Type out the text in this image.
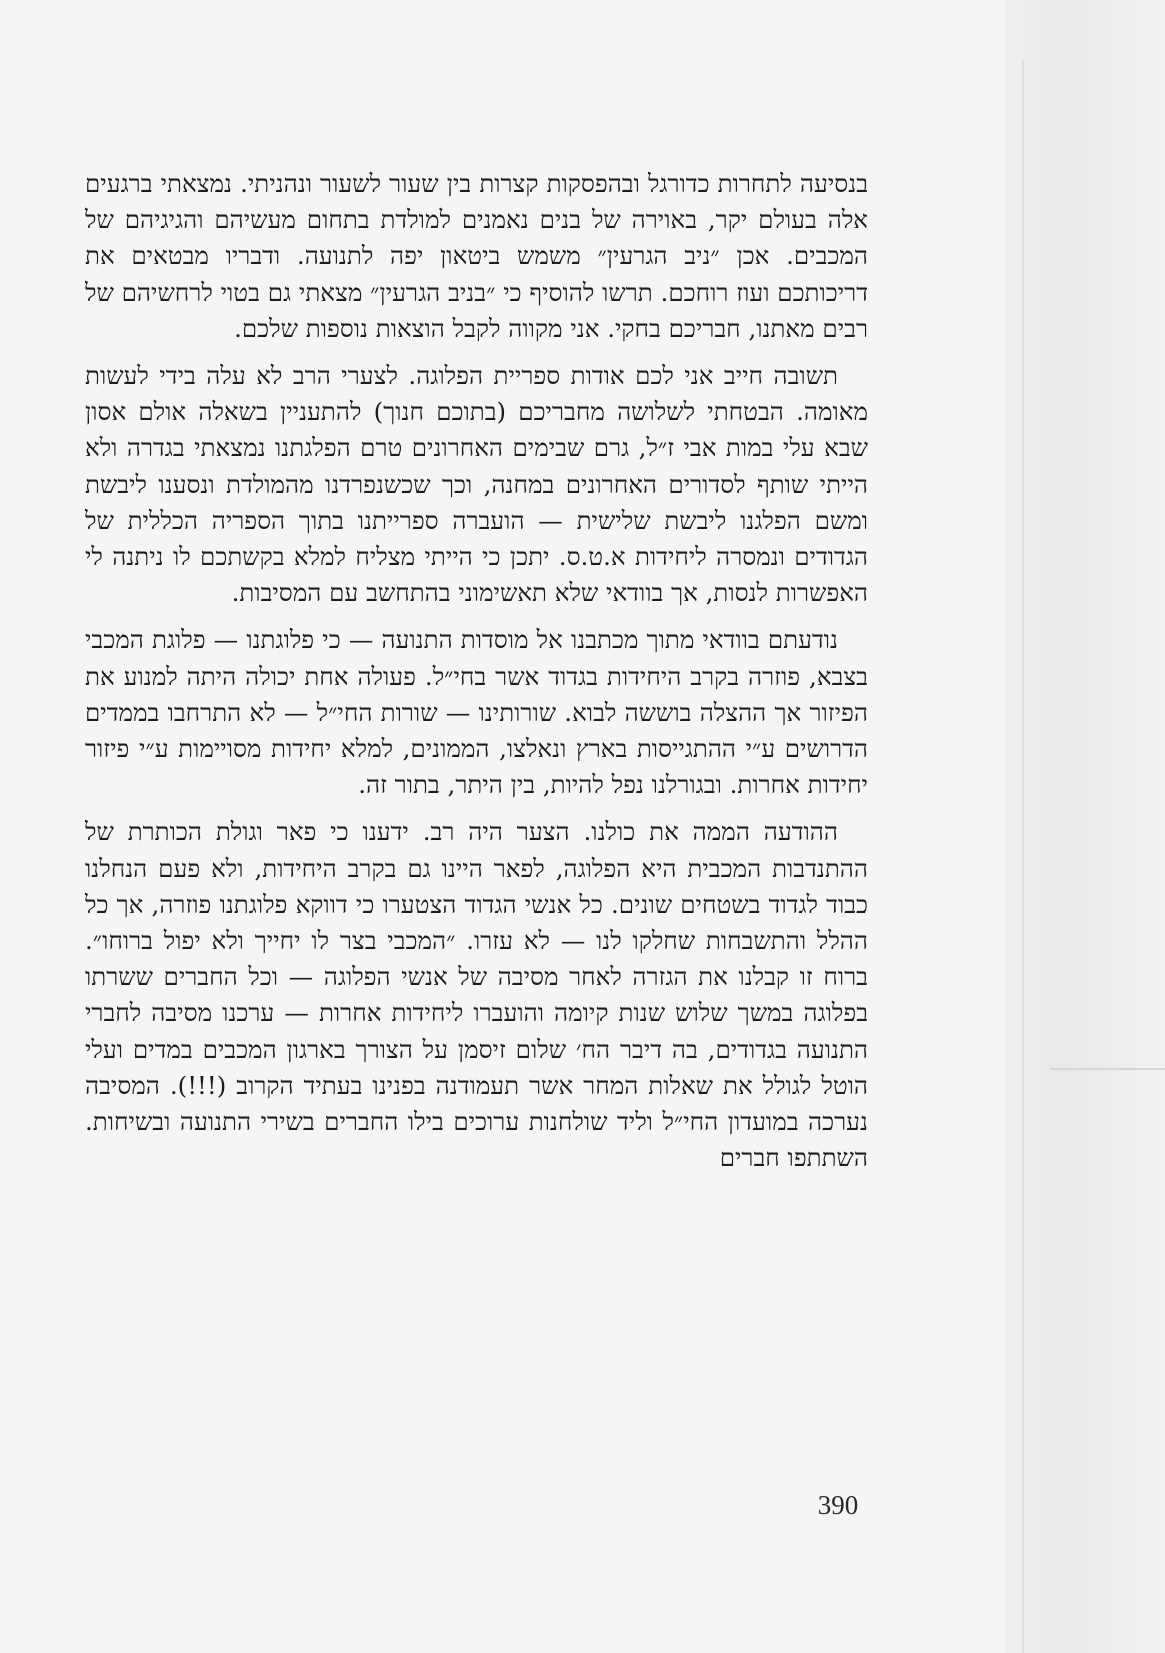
בנסיעה לתחרות כדורגל ובהפסקות קצרות בין שעור לשעור ונהניתי. נמצאתי ברגעים אלה בעולם יקר, באוירה של בנים נאמנים למולדת בתחום מעשיהם והגיגיהם של המכבים. אכן ״ניב הגרעין״ משמש ביטאון יפה לתנועה. ודבריו מבטאים את דריכותכם ועוז רוחכם. תרשו להוסיף כי ״בניב הגרעין״ מצאתי גם בטוי לרחשיהם של רבים מאתנו, חבריכם בחקי. אני מקווה לקבל הוצאות נוספות שלכם.

תשובה חייב אני לכם אודות ספריית הפלוגה. לצערי הרב לא עלה בידי לעשות מאומה. הבטחתי לשלושה מחבריכם (בתוכם חנוך) להתעניין בשאלה אולם אסון שבא עלי במות אבי ז״ל, גרם שבימים האחרונים טרם הפלגתנו נמצאתי בגדרה ולא הייתי שותף לסדורים האחרונים במחנה, וכך שכשנפרדנו מהמולדת ונסענו ליבשת ומשם הפלגנו ליבשת שלישית — הועברה ספרייתנו בתוך הספריה הכללית של הגדודים ונמסרה ליחידות א.ט.ס. יתכן כי הייתי מצליח למלא בקשתכם לו ניתנה לי האפשרות לנסות, אך בוודאי שלא תאשימוני בהתחשב עם המסיבות.

נודעתם בוודאי מתוך מכתבנו אל מוסדות התנועה — כי פלוגתנו — פלוגת המכבי בצבא, פוזרה בקרב היחידות בגדוד אשר בחי״ל. פעולה אחת יכולה היתה למנוע את הפיזור אך ההצלה בוששה לבוא. שורותינו — שורות החי״ל — לא התרחבו בממדים הדרושים ע״י ההתגייסות בארץ ונאלצו, הממונים, למלא יחידות מסויימות ע״י פיזור יחידות אחרות. ובגורלנו נפל להיות, בין היתר, בתור זה.

ההודעה הממה את כולנו. הצער היה רב. ידענו כי פאר וגולת הכותרת של ההתנדבות המכבית היא הפלוגה, לפאר היינו גם בקרב היחידות, ולא פעם הנחלנו כבוד לגדוד בשטחים שונים. כל אנשי הגדוד הצטערו כי דווקא פלוגתנו פוזרה, אך כל ההלל והתשבחות שחלקו לנו — לא עזרו. ״המכבי בצר לו יחייך ולא יפול ברוחו״. ברוח זו קבלנו את הגזרה לאחר מסיבה של אנשי הפלוגה — וכל החברים ששרתו בפלוגה במשך שלוש שנות קיומה והועברו ליחידות אחרות — ערכנו מסיבה לחברי התנועה בגדודים, בה דיבר הח׳ שלום זיסמן על הצורך בארגון המכבים במדים ועלי הוטל לגולל את שאלות המחר אשר תעמודנה בפנינו בעתיד הקרוב (!!!). המסיבה נערכה במועדון החי״ל וליד שולחנות ערוכים בילו החברים בשירי התנועה ובשיחות. השתתפו חברים

390
